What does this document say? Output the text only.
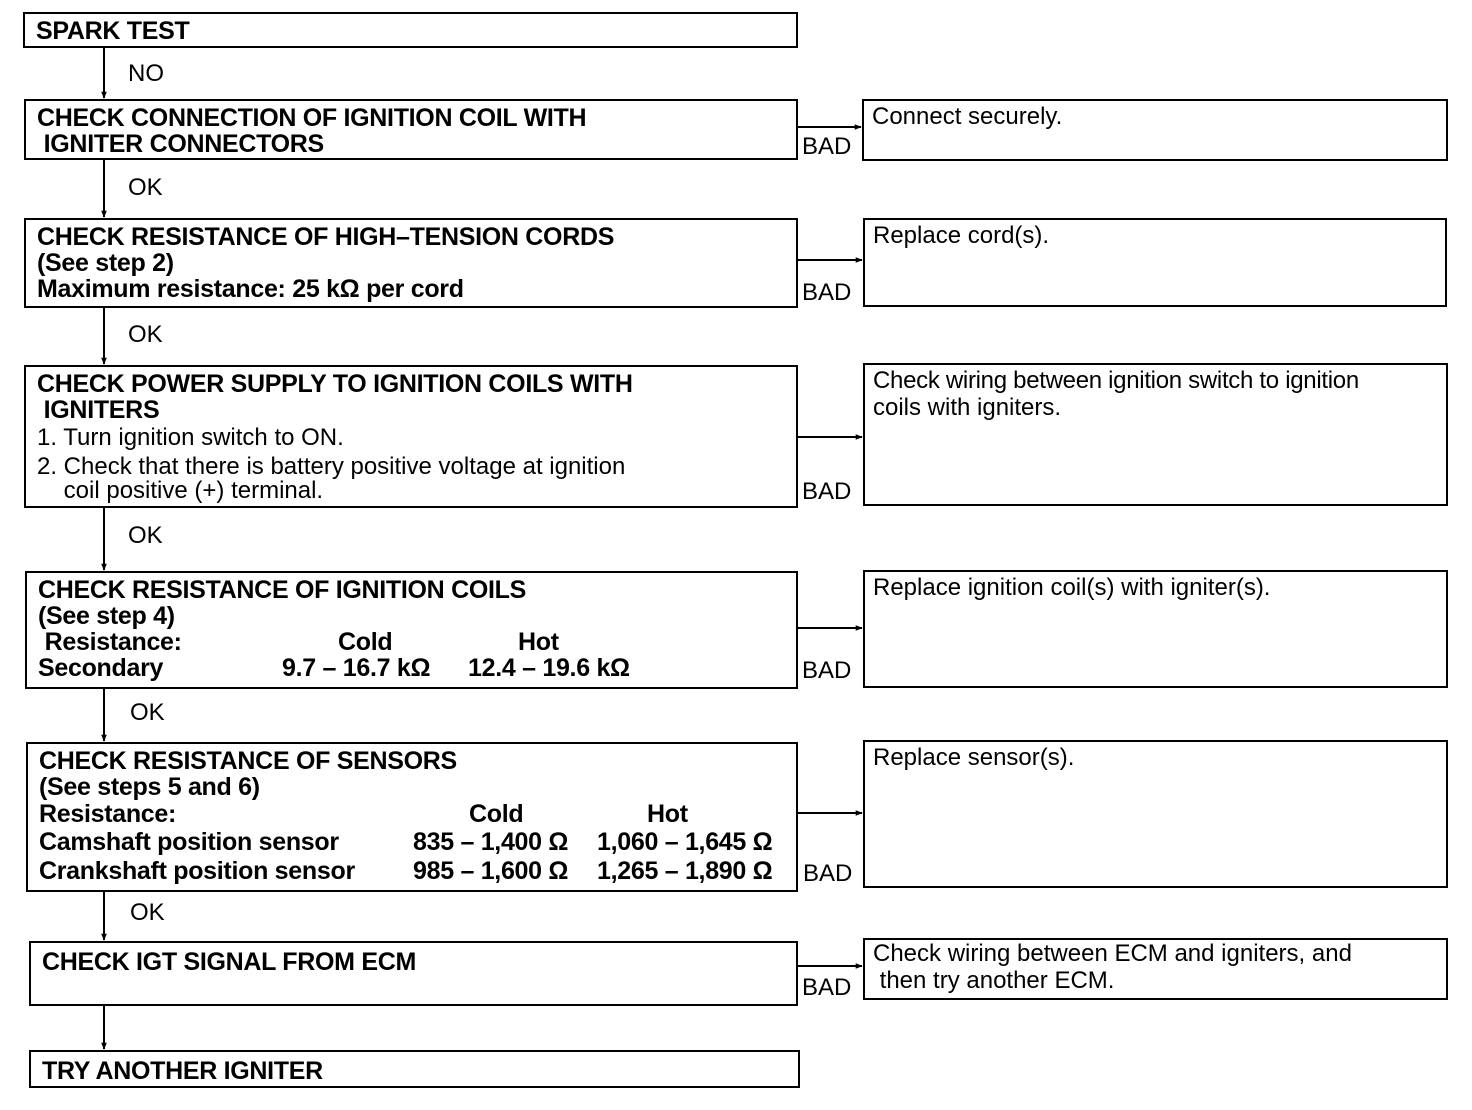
SPARK TEST
CHECK CONNECTION OF IGNITION COIL WITH
IGNITER CONNECTORS
CHECK RESISTANCE OF HIGH–TENSION CORDS
(See step 2)
Maximum resistance: 25 kΩ per cord
CHECK POWER SUPPLY TO IGNITION COILS WITH
IGNITERS
1. Turn ignition switch to ON.
2. Check that there is battery positive voltage at ignition
coil positive (+) terminal.
CHECK RESISTANCE OF IGNITION COILS
(See step 4)
Resistance:	Cold	Hot
Secondary	9.7 – 16.7 kΩ	12.4 – 19.6 kΩ
CHECK RESISTANCE OF SENSORS
(See steps 5 and 6)
Resistance:	Cold	Hot
Camshaft position sensor	835 – 1,400 Ω	1,060 – 1,645 Ω
Crankshaft position sensor	985 – 1,600 Ω	1,265 – 1,890 Ω
CHECK IGT SIGNAL FROM ECM
TRY ANOTHER IGNITER
NO
OK
OK
OK
OK
OK
BAD
BAD
BAD
BAD
BAD
BAD
Connect securely.
Replace cord(s).
Check wiring between ignition switch to ignition
coils with igniters.
Replace ignition coil(s) with igniter(s).
Replace sensor(s).
Check wiring between ECM and igniters, and
then try another ECM.
